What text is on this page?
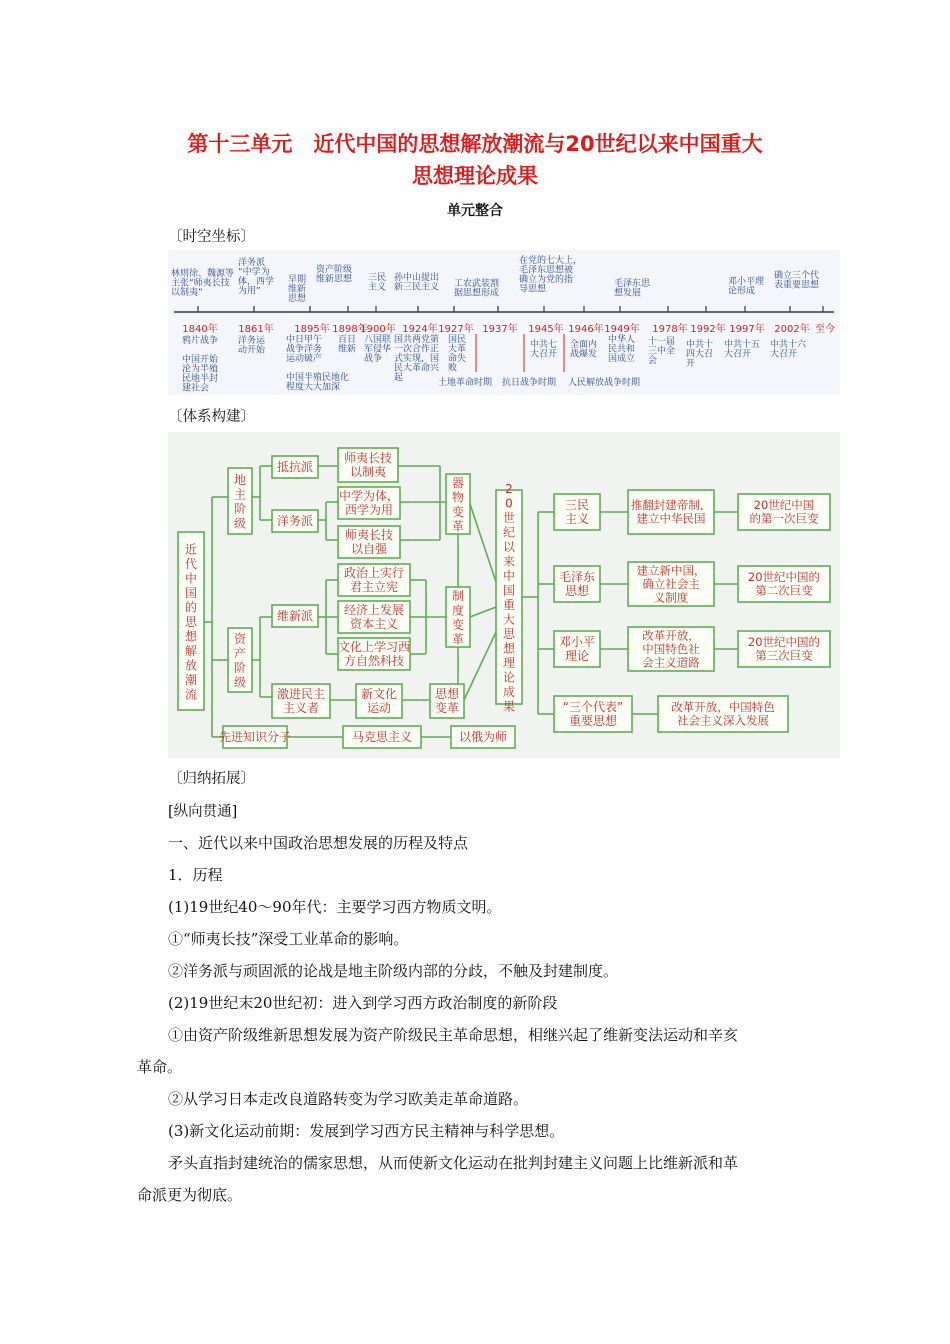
第十三单元　近代中国的思想解放潮流与20世纪以来中国重大
思想理论成果
单元整合
〔时空坐标〕
1840年 1861年 1895年 1898年
1900年 1924年 1927年 1937年 1945年 1946年 1949年 1978年 1992年 1997年 2002年 至今
林则徐、魏源等
主张“师夷长技
以制夷”
洋务派
“中学为
体，西学
为用”
早期
维新
思想
资产阶级
维新思想 三民
主义
孙中山提出
新三民主义 工农武装割
据思想形成
在党的七大上，
毛泽东思想被
确立为党的指
导思想
毛泽东思
想发展
邓小平理
论形成
确立三个代
表重要思想
鸦片战争
中国开始
沦为半殖
民地半封
建社会
洋务运
动开始
中日甲午
战争洋务
运动破产
中国半殖民地化
程度大大加深
百日
维新
八国联
军侵华
战争
国共两党第
一次合作正
式实现，国
民大革命兴
起
国民
大革
命失
败
中共七
大召开
全面内
战爆发
中华人
民共和
国成立
十一届
三中全
会
中共十
四大召
开
中共十五
大召开
中共十六
大召开
土地革命时期 抗日战争时期 人民解放战争时期
〔体系构建〕
近
代
中
国
的
思
想
解
放
潮
流
地
主
阶
级
抵抗派
洋务派
师夷长技
以制夷
中学为体，
西学为用
师夷长技
以自强
资
产
阶
级
维新派
政治上实行
君主立宪
经济上发展
资本主义
文化上学习西
方自然科技
激进民主
主义者
新文化
运动
器
物
变
革
制
度
变
革
思想
变革
先进知识分子	马克思主义	以俄为师
2
0
世
纪
以
来
中
国
重
大
思
想
理
论
成
果
三民
主义
推翻封建帝制，
建立中华民国
20世纪中国
的第一次巨变
毛泽东
思想
建立新中国，
确立社会主
义制度
20世纪中国的
第二次巨变
邓小平
理论
改革开放，
中国特色社
会主义道路
20世纪中国的
第三次巨变
“三个代表”
重要思想
改革开放，中国特色
社会主义深入发展
〔归纳拓展〕
[纵向贯通]
一、近代以来中国政治思想发展的历程及特点
1．历程
(1)19世纪40～90年代：主要学习西方物质文明。
①“师夷长技”深受工业革命的影响。
②洋务派与顽固派的论战是地主阶级内部的分歧，不触及封建制度。
(2)19世纪末20世纪初：进入到学习西方政治制度的新阶段
①由资产阶级维新思想发展为资产阶级民主革命思想，相继兴起了维新变法运动和辛亥
革命。
②从学习日本走改良道路转变为学习欧美走革命道路。
(3)新文化运动前期：发展到学习西方民主精神与科学思想。
矛头直指封建统治的儒家思想，从而使新文化运动在批判封建主义问题上比维新派和革
命派更为彻底。
